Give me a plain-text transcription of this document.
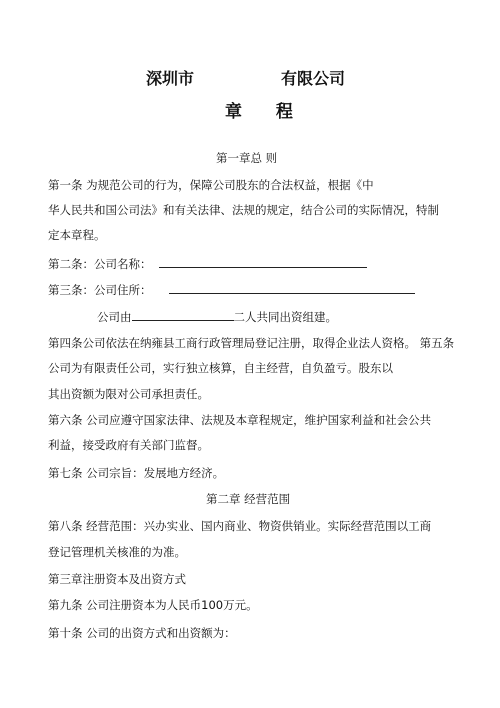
深圳市	有限公司
章 程
第一章总 则
第一条 为规范公司的行为，保障公司股东的合法权益，根据《中
华人民共和国公司法》和有关法律、法规的规定，结合公司的实际情况，特制
定本章程。
第二条：公司名称：
第三条：公司住所：
公司由	二人共同出资组建。
第四条公司依法在纳雍县工商行政管理局登记注册，取得企业法人资格。 第五条
公司为有限责任公司，实行独立核算，自主经营，自负盈亏。股东以
其出资额为限对公司承担责任。
第六条 公司应遵守国家法律、法规及本章程规定，维护国家利益和社会公共
利益，接受政府有关部门监督。
第七条 公司宗旨：发展地方经济。
第二章 经营范围
第八条 经营范围：兴办实业、国内商业、物资供销业。实际经营范围以工商
登记管理机关核准的为准。
第三章注册资本及出资方式
第九条 公司注册资本为人民币100万元。
第十条 公司的出资方式和出资额为：
